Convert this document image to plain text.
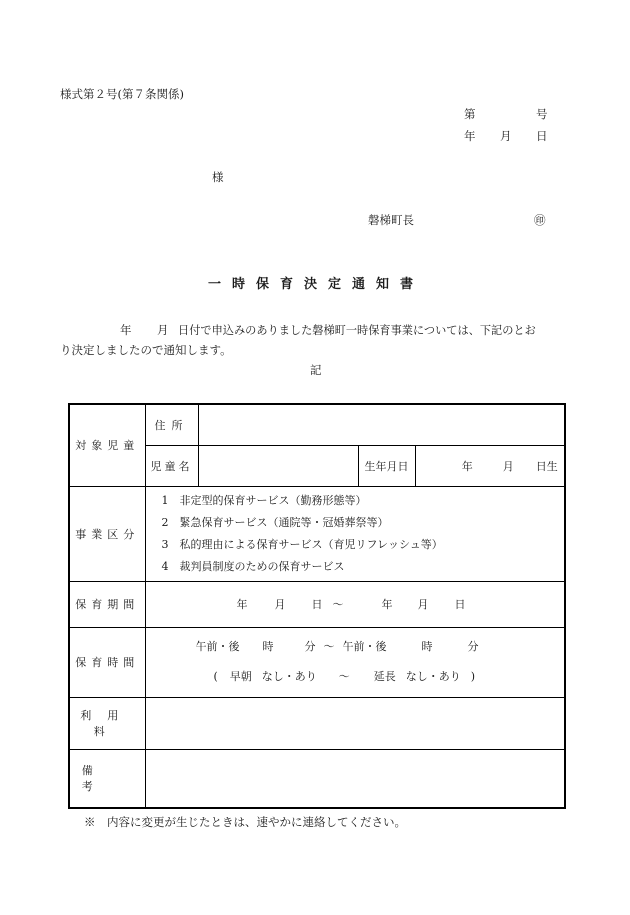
様式第２号(第７条関係)
第	号
年 月 日
様
磐梯町長	㊞
一時保育決定通知書
年 月 日付で申込みのありました磐梯町一時保育事業については、下記のとお
り決定しましたので通知します。
記
対象児童	住所			
	児童名		生年月日	年 月 日生
事業区分	1　非定型的保育サービス（勤務形態等）
2　緊急保育サービス（通院等・冠婚葬祭等）
3　私的理由による保育サービス（育児リフレッシュ等）
4　裁判員制度のための保育サービス			

保育期間	年 月 日 ～ 年 月 日			
保育時間	午前・後 時 分 ～ 午前・後 時 分
( 早朝 なし・あり ～ 延長 なし・あり )			

利用料				
備考				
※　内容に変更が生じたときは、速やかに連絡してください。
